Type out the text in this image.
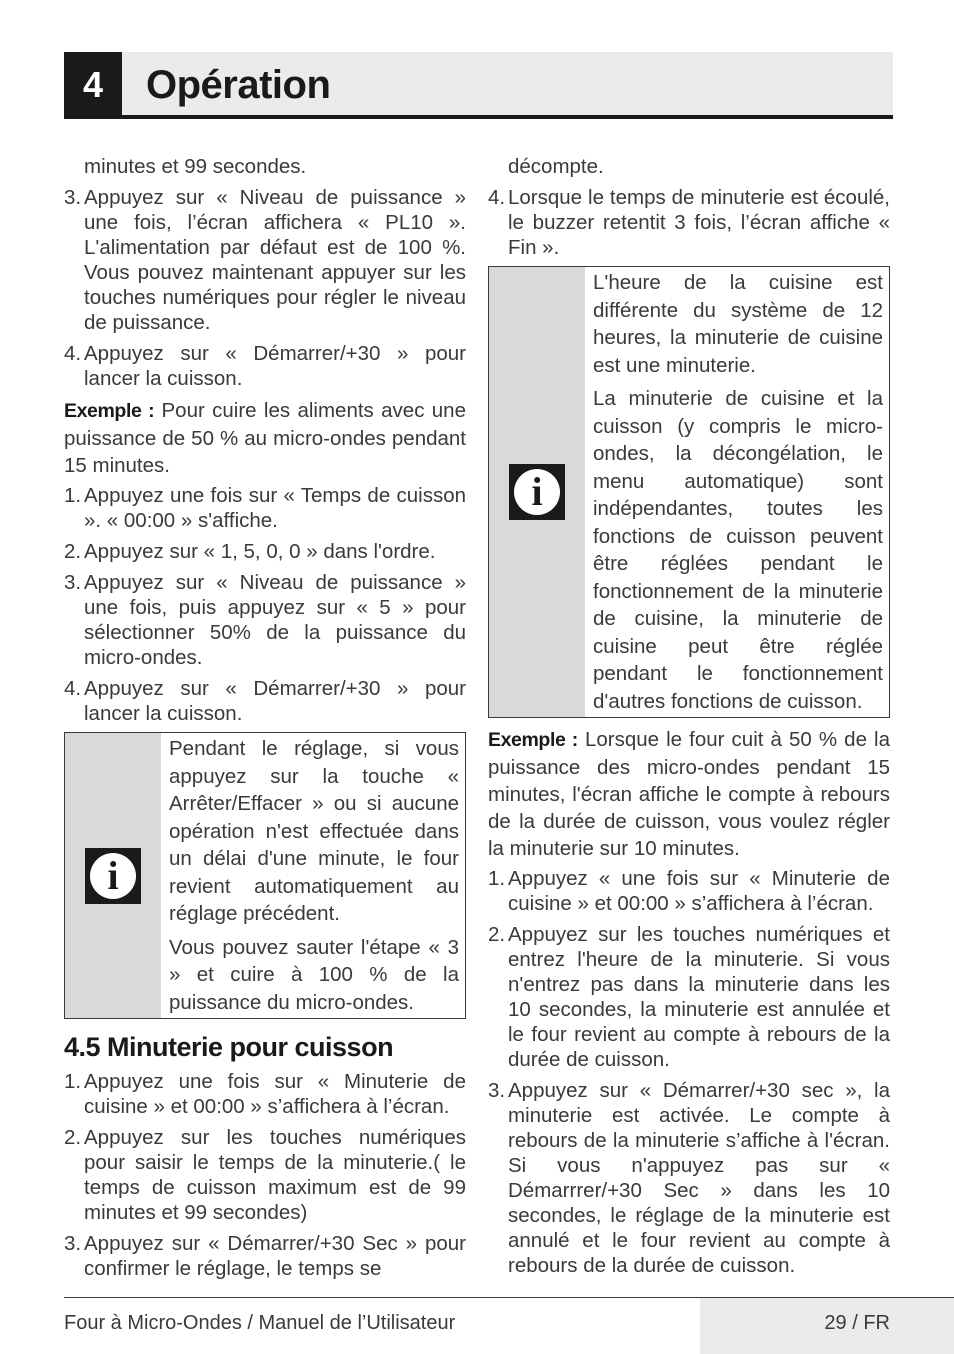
4	Opération
minutes et 99 secondes.
3. Appuyez sur « Niveau de puissance » une fois, l’écran affichera « PL10 ». L'alimentation par défaut est de 100 %. Vous pouvez maintenant appuyer sur les touches numériques pour régler le niveau de puissance.
4. Appuyez sur « Démarrer/+30 » pour lancer la cuisson.
Exemple : Pour cuire les aliments avec une puissance de 50 % au micro-ondes pendant 15 minutes.
1. Appuyez une fois sur « Temps de cuisson ». « 00:00 » s'affiche.
2. Appuyez sur « 1, 5, 0, 0 » dans l'ordre.
3. Appuyez sur « Niveau de puissance » une fois, puis appuyez sur « 5 » pour sélectionner 50% de la puissance du micro-ondes.
4. Appuyez sur « Démarrer/+30 » pour lancer la cuisson.
i

Pendant le réglage, si vous appuyez sur la touche « Arrêter/Effacer » ou si aucune opération n'est effectuée dans un délai d'une minute, le four revient automatiquement au réglage précédent.

Vous pouvez sauter l'étape « 3 » et cuire à 100 % de la puissance du micro-ondes.

4.5 Minuterie pour cuisson
1. Appuyez une fois sur « Minuterie de cuisine » et 00:00 » s’affichera à l’écran.
2. Appuyez sur les touches numériques pour saisir le temps de la minuterie.( le temps de cuisson maximum est de 99 minutes et 99 secondes)
3. Appuyez sur « Démarrer/+30 Sec » pour confirmer le réglage, le temps se
décompte.
4. Lorsque le temps de minuterie est écoulé, le buzzer retentit 3 fois, l’écran affiche « Fin ».
i

L'heure de la cuisine est différente du système de 12 heures, la minuterie de cuisine est une minuterie.

La minuterie de cuisine et la cuisson (y compris le micro-ondes, la décongélation, le menu automatique) sont indépendantes, toutes les fonctions de cuisson peuvent être réglées pendant le fonctionnement de la minuterie de cuisine, la minuterie de cuisine peut être réglée pendant le fonctionnement d'autres fonctions de cuisson.

Exemple : Lorsque le four cuit à 50 % de la puissance des micro-ondes pendant 15 minutes, l'écran affiche le compte à rebours de la durée de cuisson, vous voulez régler la minuterie sur 10 minutes.
1. Appuyez « une fois sur « Minuterie de cuisine » et 00:00 » s’affichera à l’écran.
2. Appuyez sur les touches numériques et entrez l'heure de la minuterie. Si vous n'entrez pas dans la minuterie dans les 10 secondes, la minuterie est annulée et le four revient au compte à rebours de la durée de cuisson.
3. Appuyez sur « Démarrer/+30 sec », la minuterie est activée. Le compte à rebours de la minuterie s’affiche à l'écran. Si vous n'appuyez pas sur « Démarrrer/+30 Sec » dans les 10 secondes, le réglage de la minuterie est annulé et le four revient au compte à rebours de la durée de cuisson.
Four à Micro-Ondes / Manuel de l’Utilisateur	29 / FR
